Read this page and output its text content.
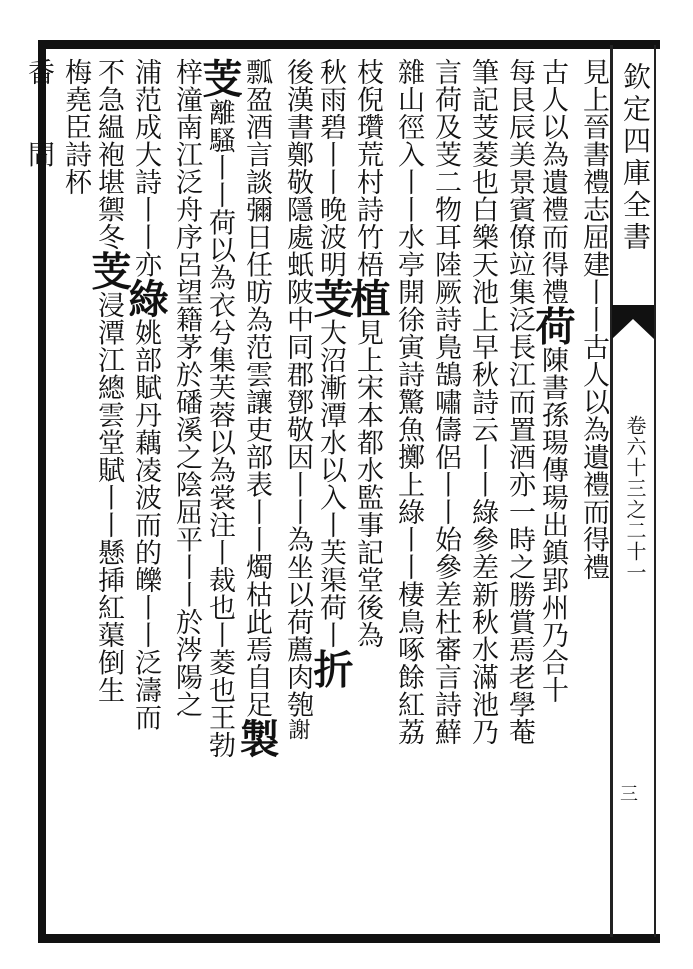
欽定四庫全書
卷六十三之二十一
三
見上晉書禮志屈建丨丨古人以為遺禮而得禮
古人以為遺禮而得禮荷陳書孫瑒傳瑒出鎮郢州乃合十
每艮辰美景賓僚竝集泛長江而置酒亦一時之勝賞焉老學菴
筆記芰菱也白樂天池上早秋詩云丨丨綠參差新秋水滿池乃
言荷及芰二物耳陸厥詩鳬鵠嘯儔侶丨丨始參差杜審言詩蘚
雜山徑入丨丨水亭開徐寅詩驚魚擲上綠丨丨棲鳥啄餘紅荔
枝倪瓚荒村詩竹梧植見上宋本都水監事記堂後為
秋雨碧丨丨晚波明芰大沼漸潭水以入丨芙渠荷丨折
後漢書鄭敬隱處蚔陂中同郡鄧敬因丨丨為坐以荷薦肉匏謝
瓢盈酒言談彌日任昉為范雲讓吏部表丨丨燭枯此焉自足製
芰離騷丨丨荷以為衣兮集芙蓉以為裳注丨裁也丨菱也王勃
梓潼南江泛舟序呂望籍茅於磻溪之陰屈平丨丨於涔陽之
浦范成大詩丨丨亦綠姚部賦丹藕凌波而的皪丨丨泛濤而
不急緼袍堪禦冬芰浸潭江總雲堂賦丨丨懸揷紅蕖倒生
梅堯臣詩杯
香丨丨間
